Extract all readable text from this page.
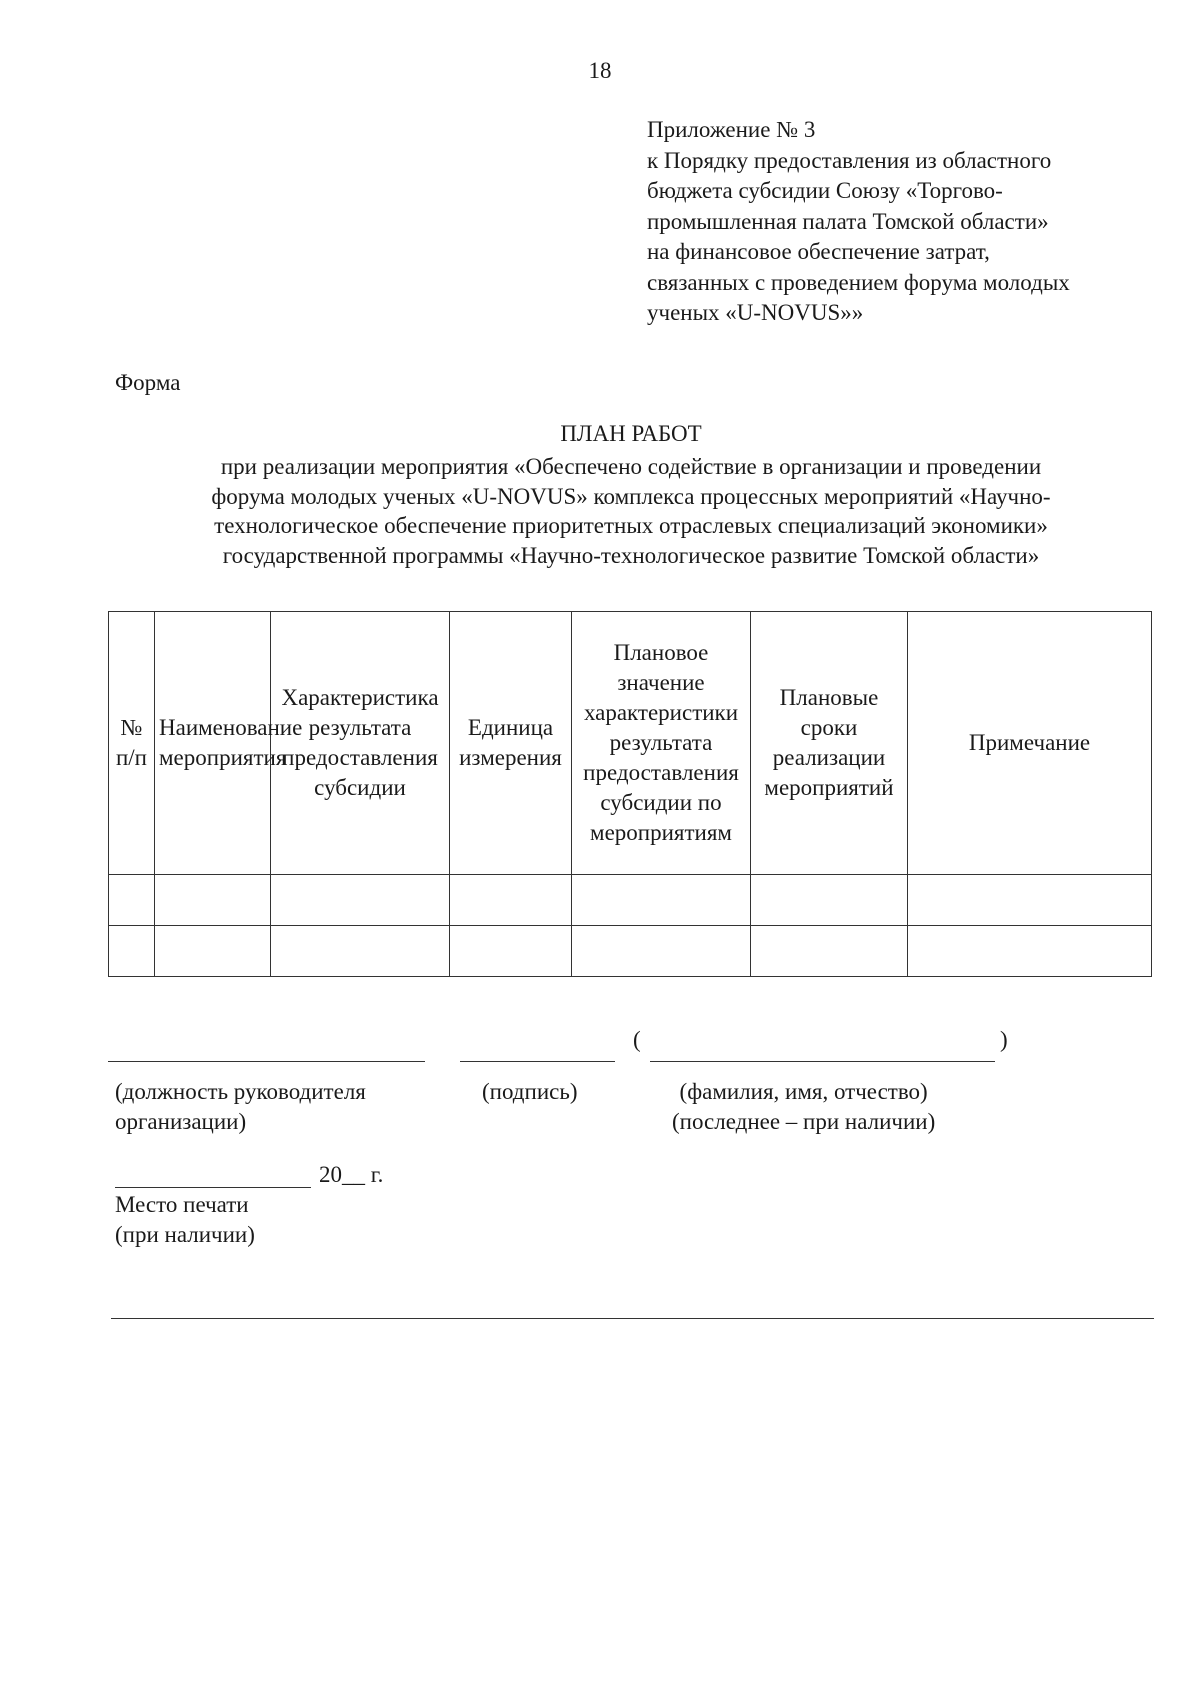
18
Приложение № 3
к Порядку предоставления из областного
бюджета субсидии Союзу «Торгово-
промышленная палата Томской области»
на финансовое обеспечение затрат,
связанных с проведением форума молодых
ученых «U-NOVUS»»
Форма
ПЛАН РАБОТ
при реализации мероприятия «Обеспечено содействие в организации и проведении
форума молодых ученых «U-NOVUS» комплекса процессных мероприятий «Научно-
технологическое обеспечение приоритетных отраслевых специализаций экономики»
государственной программы «Научно-технологическое развитие Томской области»
№ п/п	Наименование мероприятия	Характеристика результата предоставления субсидии	Единица измерения	Плановое значение характеристики результата предоставления субсидии по мероприятиям	Плановые сроки реализации мероприятий	Примечание

(	)
(должность руководителя
организации)
(подпись)	(фамилия, имя, отчество)
(последнее – при наличии)
20__ г.
Место печати
(при наличии)
